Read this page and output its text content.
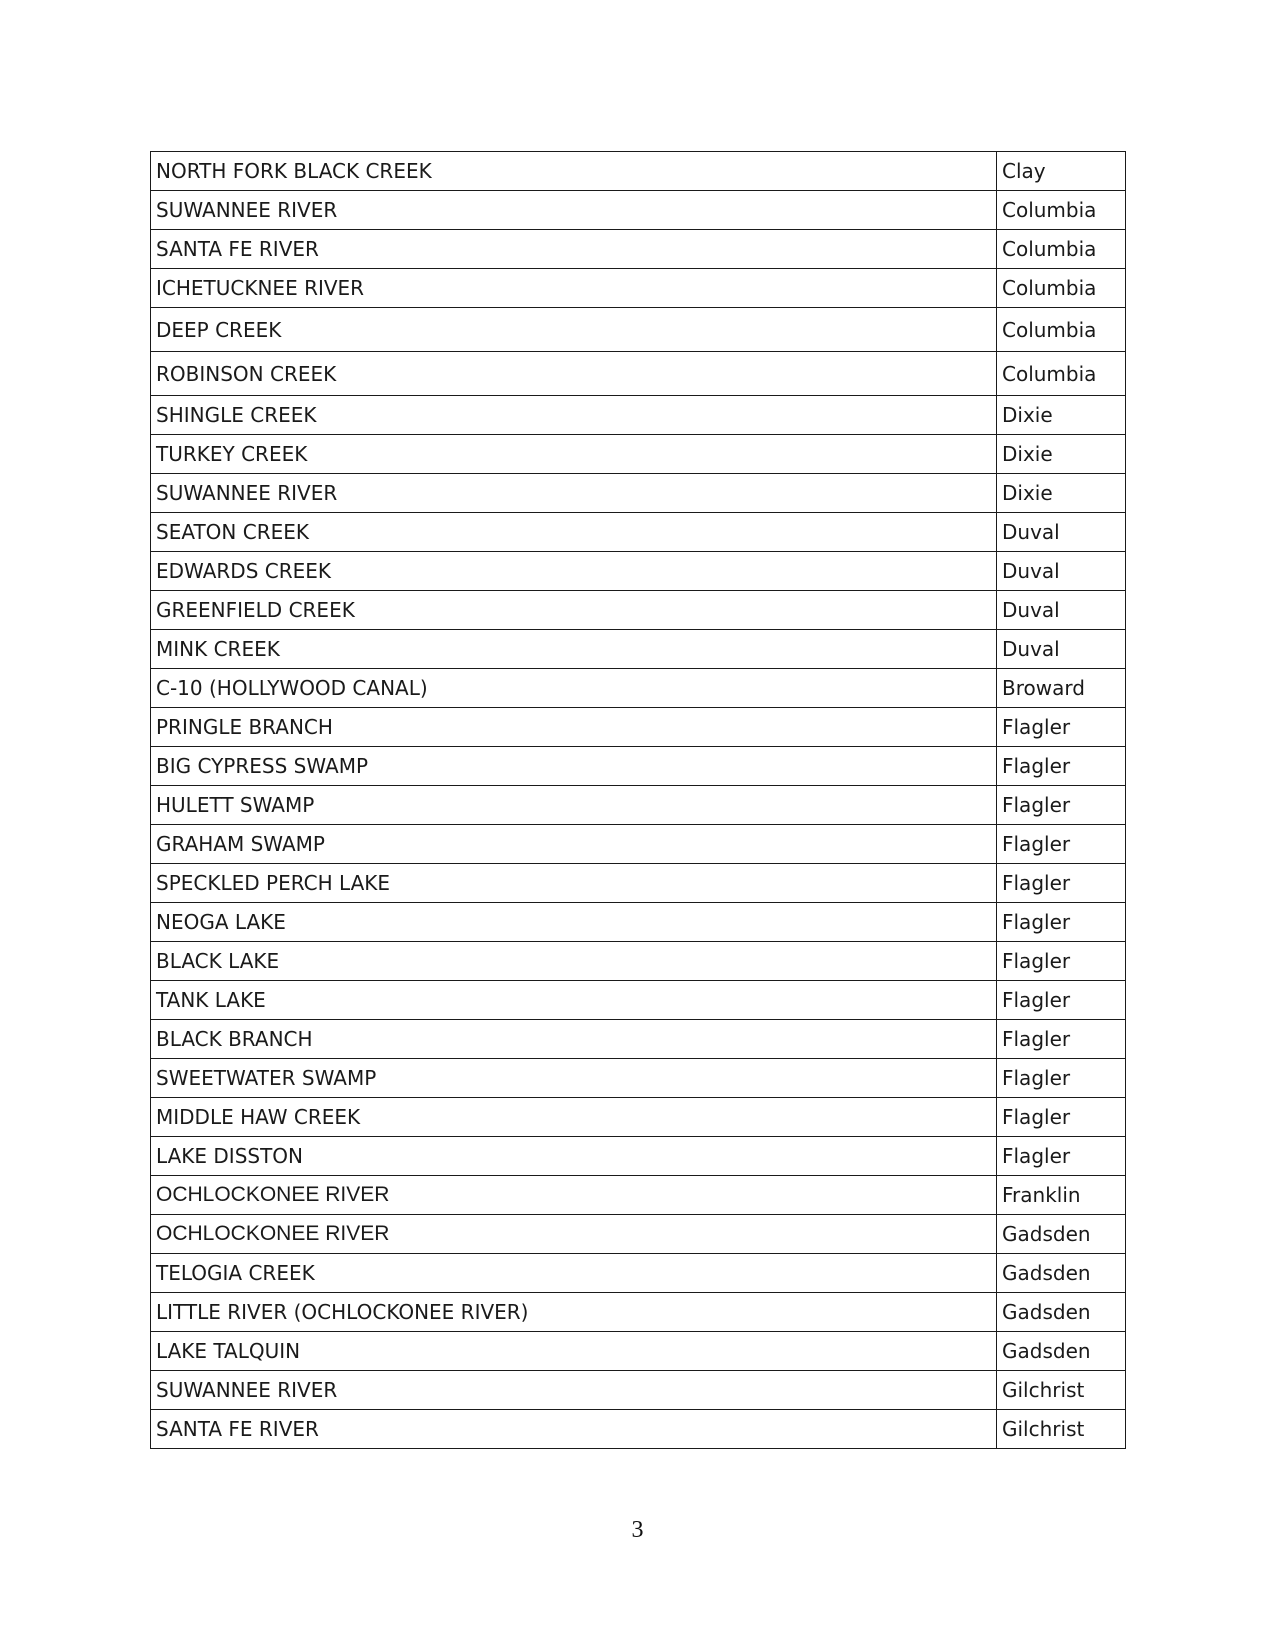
NORTH FORK BLACK CREEK	Clay
SUWANNEE RIVER	Columbia
SANTA FE RIVER	Columbia
ICHETUCKNEE RIVER	Columbia
DEEP CREEK	Columbia
ROBINSON CREEK	Columbia
SHINGLE CREEK	Dixie
TURKEY CREEK	Dixie
SUWANNEE RIVER	Dixie
SEATON CREEK	Duval
EDWARDS CREEK	Duval
GREENFIELD CREEK	Duval
MINK CREEK	Duval
C-10 (HOLLYWOOD CANAL)	Broward
PRINGLE BRANCH	Flagler
BIG CYPRESS SWAMP	Flagler
HULETT SWAMP	Flagler
GRAHAM SWAMP	Flagler
SPECKLED PERCH LAKE	Flagler
NEOGA LAKE	Flagler
BLACK LAKE	Flagler
TANK LAKE	Flagler
BLACK BRANCH	Flagler
SWEETWATER SWAMP	Flagler
MIDDLE HAW CREEK	Flagler
LAKE DISSTON	Flagler
OCHLOCKONEE RIVER	Franklin
OCHLOCKONEE RIVER	Gadsden
TELOGIA CREEK	Gadsden
LITTLE RIVER (OCHLOCKONEE RIVER)	Gadsden
LAKE TALQUIN	Gadsden
SUWANNEE RIVER	Gilchrist
SANTA FE RIVER	Gilchrist
3
